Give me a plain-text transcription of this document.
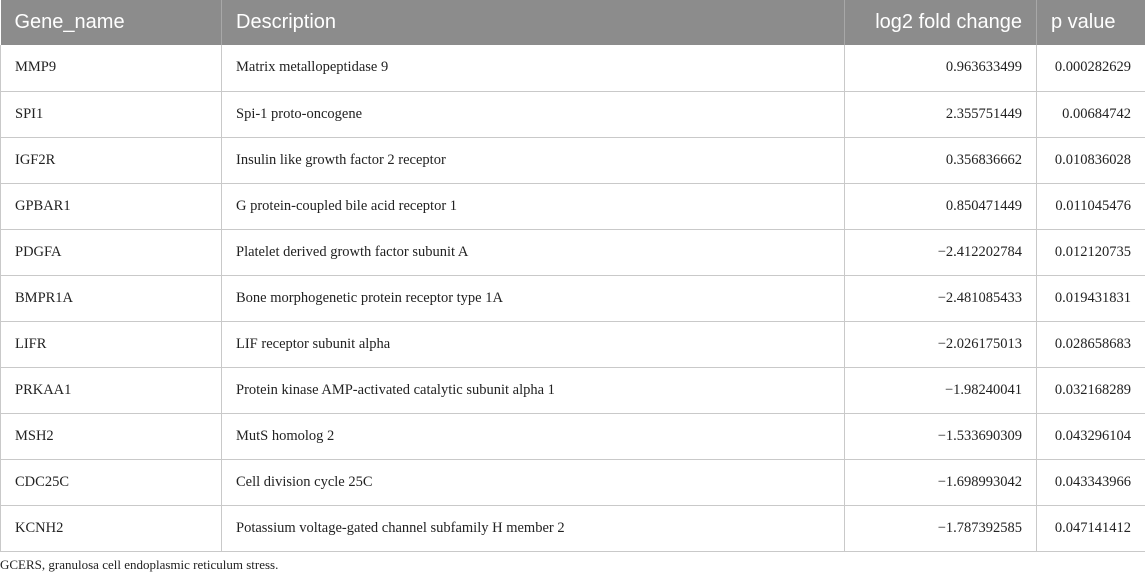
Gene_name	Description	log2 fold change	p value
MMP9	Matrix metallopeptidase 9	0.963633499	0.000282629
SPI1	Spi-1 proto-oncogene	2.355751449	0.00684742
IGF2R	Insulin like growth factor 2 receptor	0.356836662	0.010836028
GPBAR1	G protein-coupled bile acid receptor 1	0.850471449	0.011045476
PDGFA	Platelet derived growth factor subunit A	−2.412202784	0.012120735
BMPR1A	Bone morphogenetic protein receptor type 1A	−2.481085433	0.019431831
LIFR	LIF receptor subunit alpha	−2.026175013	0.028658683
PRKAA1	Protein kinase AMP-activated catalytic subunit alpha 1	−1.98240041	0.032168289
MSH2	MutS homolog 2	−1.533690309	0.043296104
CDC25C	Cell division cycle 25C	−1.698993042	0.043343966
KCNH2	Potassium voltage-gated channel subfamily H member 2	−1.787392585	0.047141412
GCERS, granulosa cell endoplasmic reticulum stress.
